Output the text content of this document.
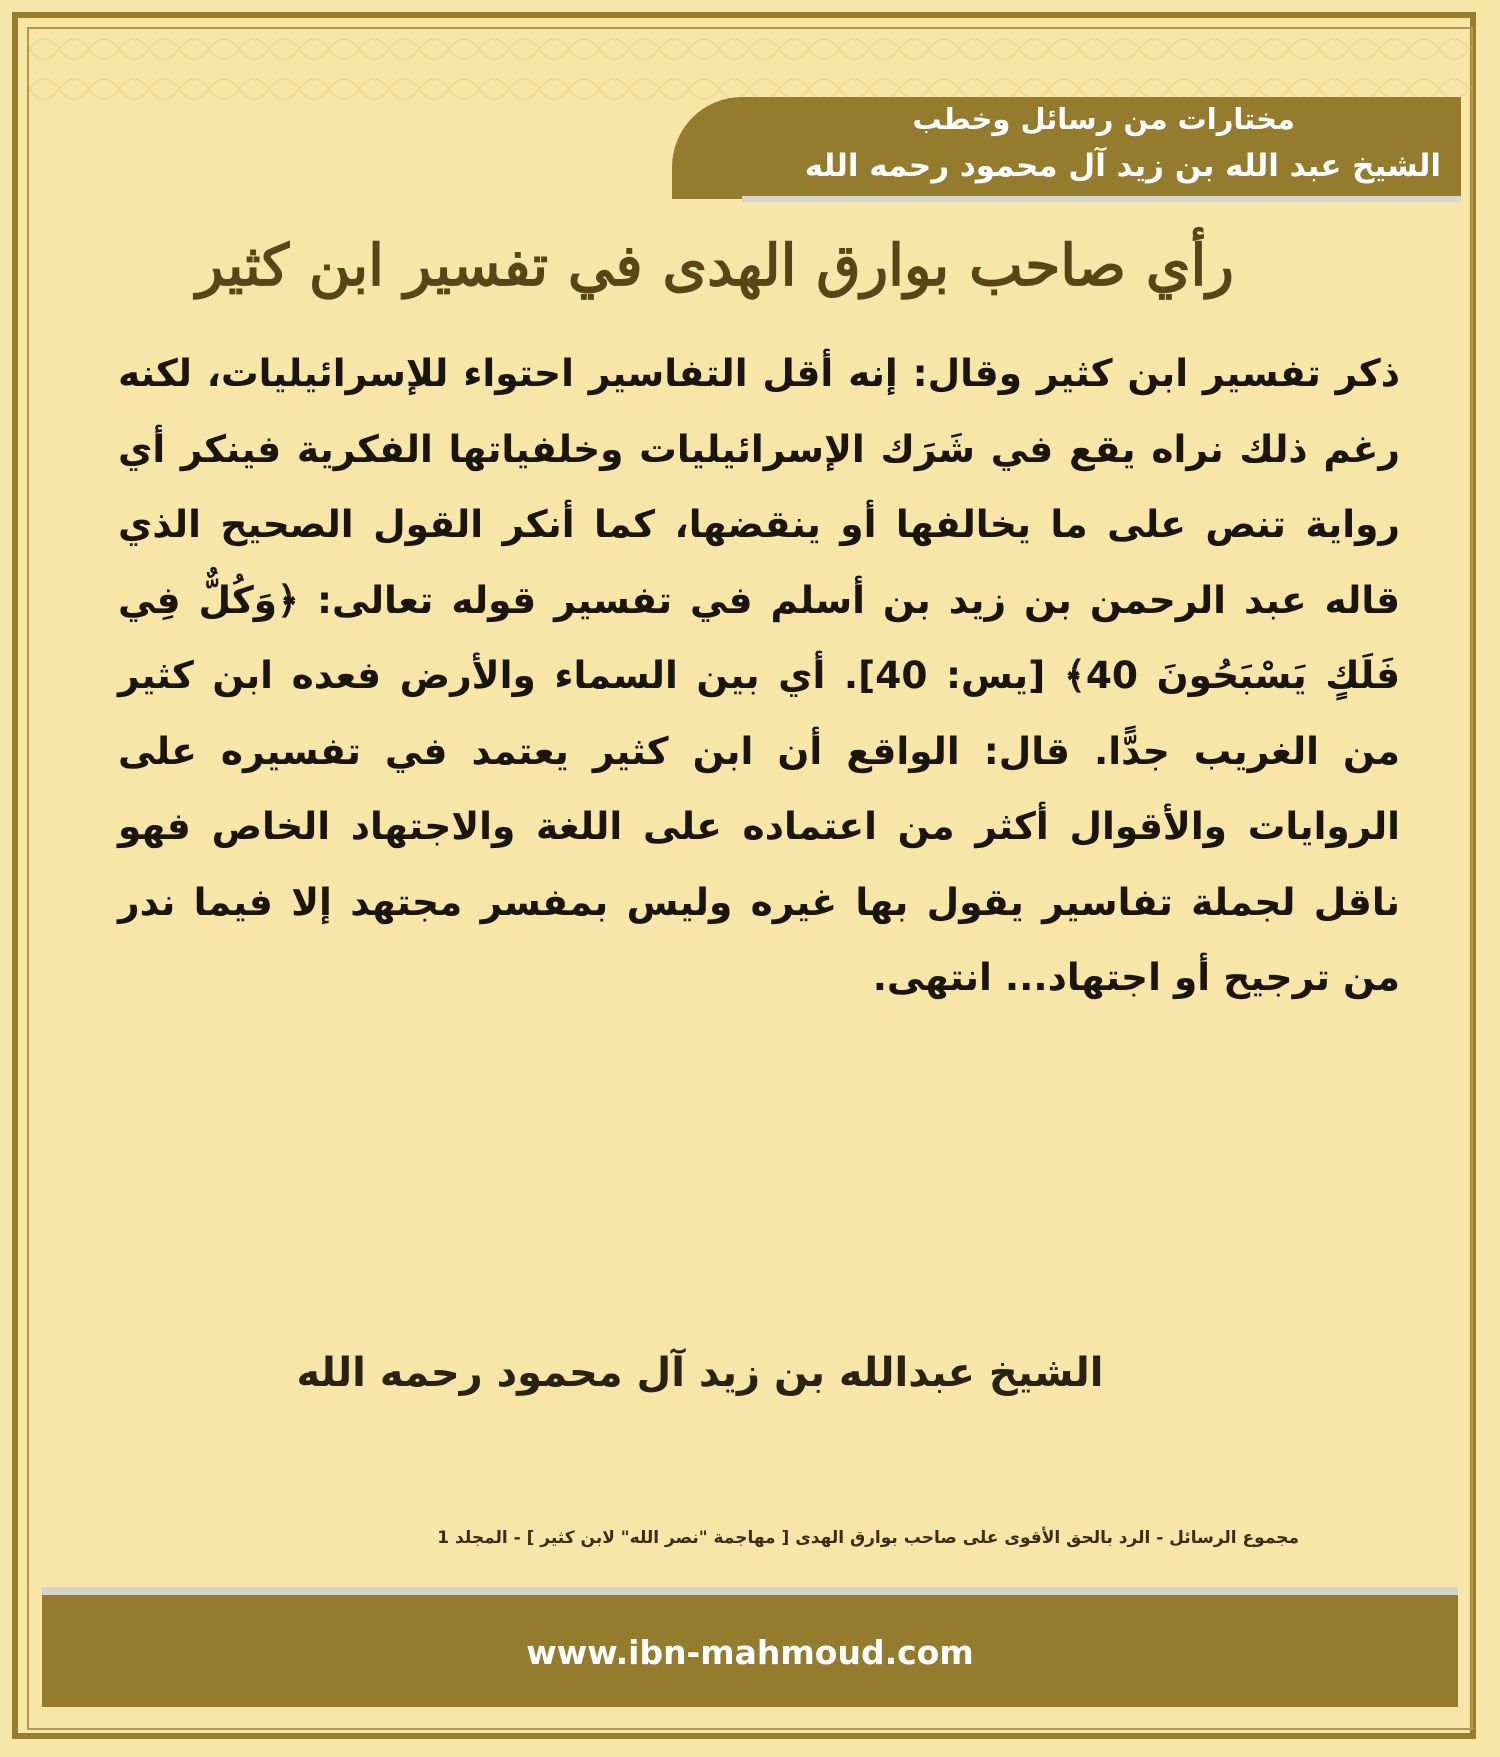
مختارات من رسائل وخطب
الشيخ عبد الله بن زيد آل محمود رحمه الله
رأي صاحب بوارق الهدى في تفسير ابن كثير
ذكر تفسير ابن كثير وقال: إنه أقل التفاسير احتواء للإسرائيليات، لكنه رغم ذلك نراه يقع في شَرَك الإسرائيليات وخلفياتها الفكرية فينكر أي رواية تنص على ما يخالفها أو ينقضها، كما أنكر القول الصحيح الذي قاله عبد الرحمن بن زيد بن أسلم في تفسير قوله تعالى: ﴿وَكُلٌّ فِي فَلَكٍ يَسْبَحُونَ 40﴾ [يس: 40]. أي بين السماء والأرض فعده ابن كثير من الغريب جدًّا. قال: الواقع أن ابن كثير يعتمد في تفسيره على الروايات والأقوال أكثر من اعتماده على اللغة والاجتهاد الخاص فهو ناقل لجملة تفاسير يقول بها غيره وليس بمفسر مجتهد إلا فيما ندر من ترجيح أو اجتهاد... انتهى.
الشيخ عبدالله بن زيد آل محمود رحمه الله
مجموع الرسائل - الرد بالحق الأقوى على صاحب بوارق الهدى [ مهاجمة "نصر الله" لابن كثير ] - المجلد 1
www.ibn-mahmoud.com
